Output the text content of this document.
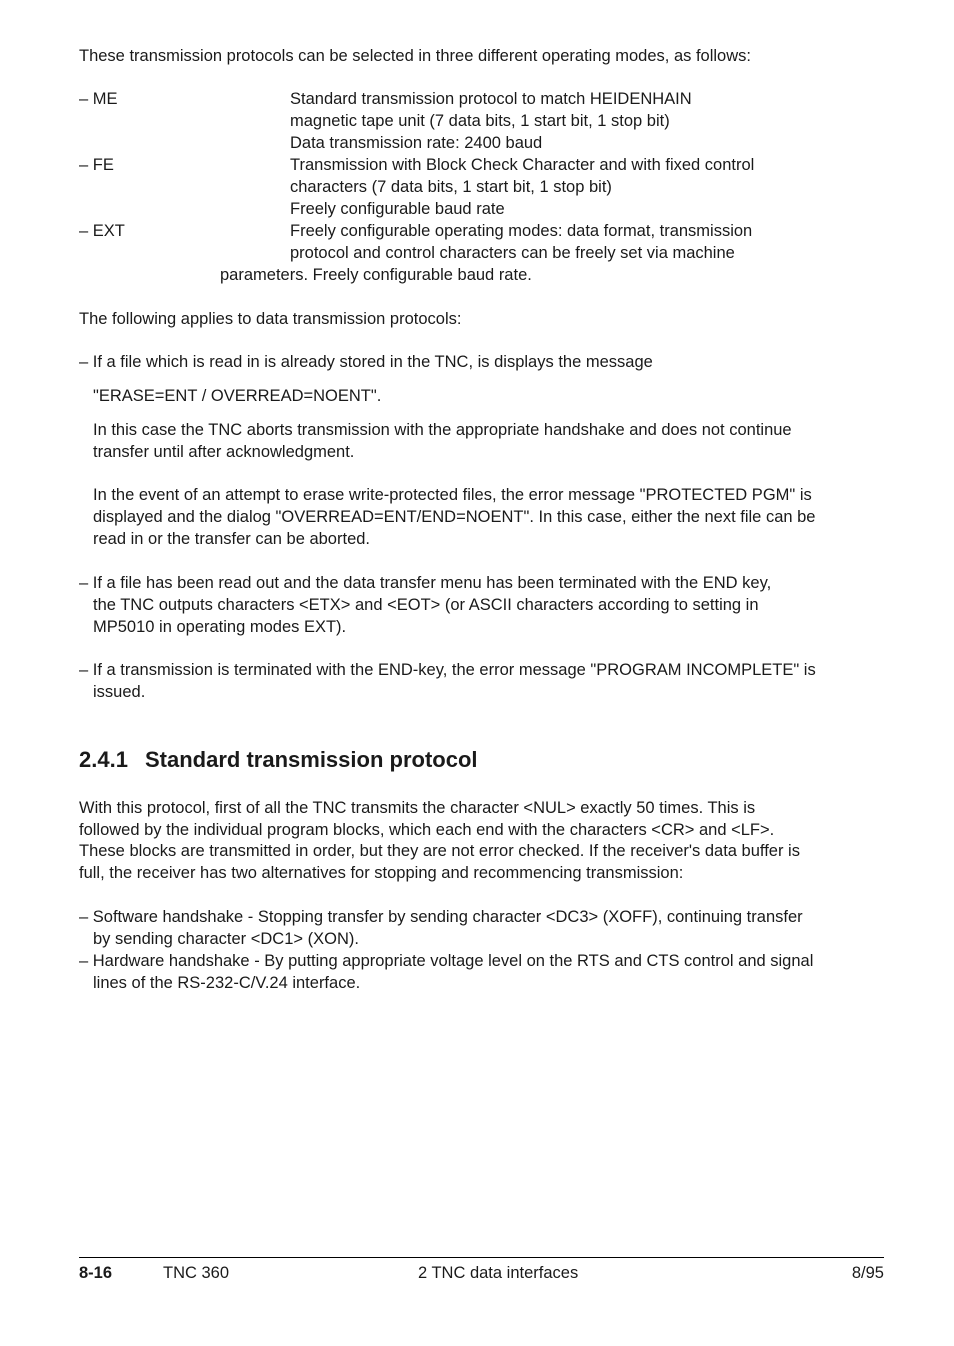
These transmission protocols can be selected in three different operating modes, as follows:
– ME	Standard transmission protocol to match HEIDENHAIN
magnetic tape unit (7 data bits, 1 start bit, 1 stop bit)
Data transmission rate: 2400 baud
– FE	Transmission with Block Check Character and with fixed control
characters (7 data bits, 1 start bit, 1 stop bit)
Freely configurable baud rate
– EXT	Freely configurable operating modes: data format, transmission
protocol and control characters can be freely set via machine
parameters. Freely configurable baud rate.
The following applies to data transmission protocols:
– If a file which is read in is already stored in the TNC, is displays the message
"ERASE=ENT / OVERREAD=NOENT".
In this case the TNC aborts transmission with the appropriate handshake and does not continue
transfer until after acknowledgment.
In the event of an attempt to erase write-protected files, the error message "PROTECTED PGM" is
displayed and the dialog "OVERREAD=ENT/END=NOENT". In this case, either the next file can be
read in or the transfer can be aborted.
– If a file has been read out and the data transfer menu has been terminated with the END key,
the TNC outputs characters <ETX> and <EOT> (or ASCII characters according to setting in
MP5010 in operating modes EXT).
– If a transmission is terminated with the END-key, the error message "PROGRAM INCOMPLETE" is
issued.
2.4.1 Standard transmission protocol
With this protocol, first of all the TNC transmits the character <NUL> exactly 50 times. This is
followed by the individual program blocks, which each end with the characters <CR> and <LF>.
These blocks are transmitted in order, but they are not error checked. If the receiver's data buffer is
full, the receiver has two alternatives for stopping and recommencing transmission:
– Software handshake - Stopping transfer by sending character <DC3> (XOFF), continuing transfer
by sending character <DC1> (XON).
– Hardware handshake - By putting appropriate voltage level on the RTS and CTS control and signal
lines of the RS-232-C/V.24 interface.
8-16	TNC 360	2 TNC data interfaces	8/95
